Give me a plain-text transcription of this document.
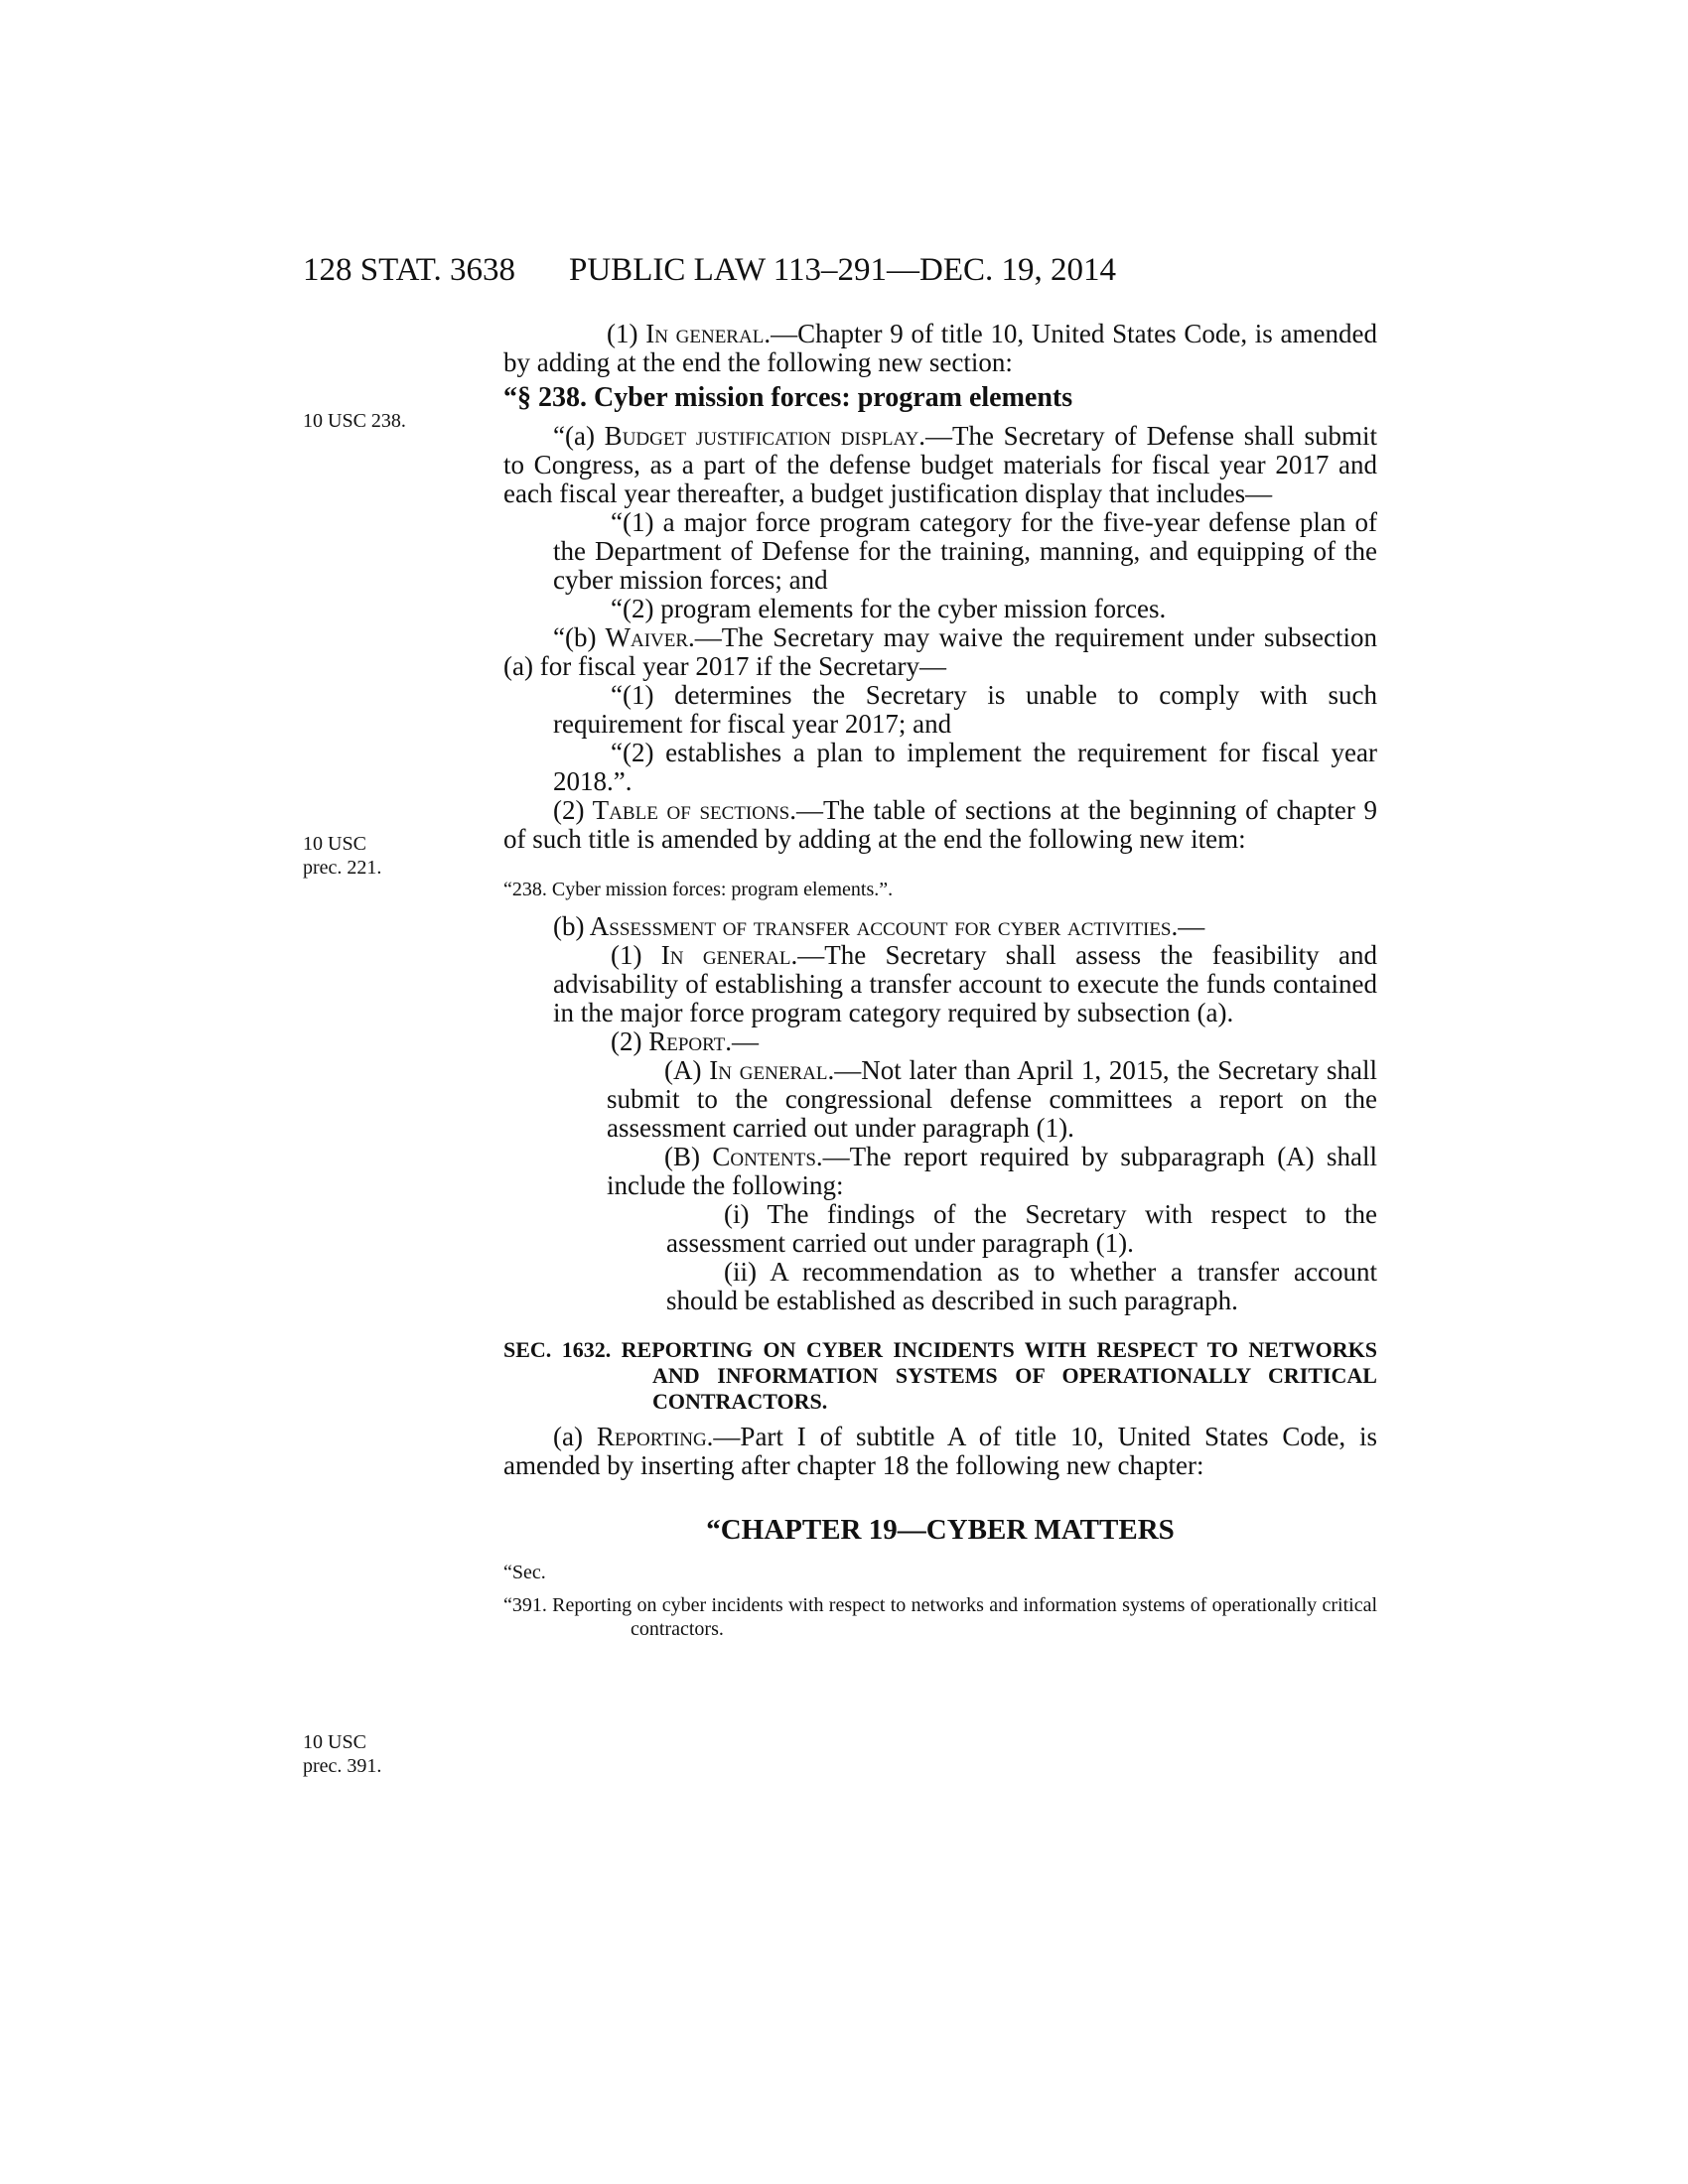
128 STAT. 3638 PUBLIC LAW 113–291—DEC. 19, 2014
10 USC 238.
10 USC
prec. 221.
10 USC
prec. 391.

(1) In general.—Chapter 9 of title 10, United States Code, is amended by adding at the end the following new section:

“§ 238. Cyber mission forces: program elements

“(a) Budget justification display.—The Secretary of Defense shall submit to Congress, as a part of the defense budget materials for fiscal year 2017 and each fiscal year thereafter, a budget justification display that includes—

“(1) a major force program category for the five-year defense plan of the Department of Defense for the training, manning, and equipping of the cyber mission forces; and

“(2) program elements for the cyber mission forces.

“(b) Waiver.—The Secretary may waive the requirement under subsection (a) for fiscal year 2017 if the Secretary—

“(1) determines the Secretary is unable to comply with such requirement for fiscal year 2017; and

“(2) establishes a plan to implement the requirement for fiscal year 2018.”.

(2) Table of sections.—The table of sections at the beginning of chapter 9 of such title is amended by adding at the end the following new item:

“238. Cyber mission forces: program elements.”.

(b) Assessment of transfer account for cyber activities.—

(1) In general.—The Secretary shall assess the feasibility and advisability of establishing a transfer account to execute the funds contained in the major force program category required by subsection (a).

(2) Report.—

(A) In general.—Not later than April 1, 2015, the Secretary shall submit to the congressional defense committees a report on the assessment carried out under paragraph (1).

(B) Contents.—The report required by subparagraph (A) shall include the following:

(i) The findings of the Secretary with respect to the assessment carried out under paragraph (1).

(ii) A recommendation as to whether a transfer account should be established as described in such paragraph.

SEC. 1632. REPORTING ON CYBER INCIDENTS WITH RESPECT TO NETWORKS AND INFORMATION SYSTEMS OF OPERATIONALLY CRITICAL CONTRACTORS.

(a) Reporting.—Part I of subtitle A of title 10, United States Code, is amended by inserting after chapter 18 the following new chapter:

“CHAPTER 19—CYBER MATTERS

“Sec.

“391. Reporting on cyber incidents with respect to networks and information systems of operationally critical contractors.
